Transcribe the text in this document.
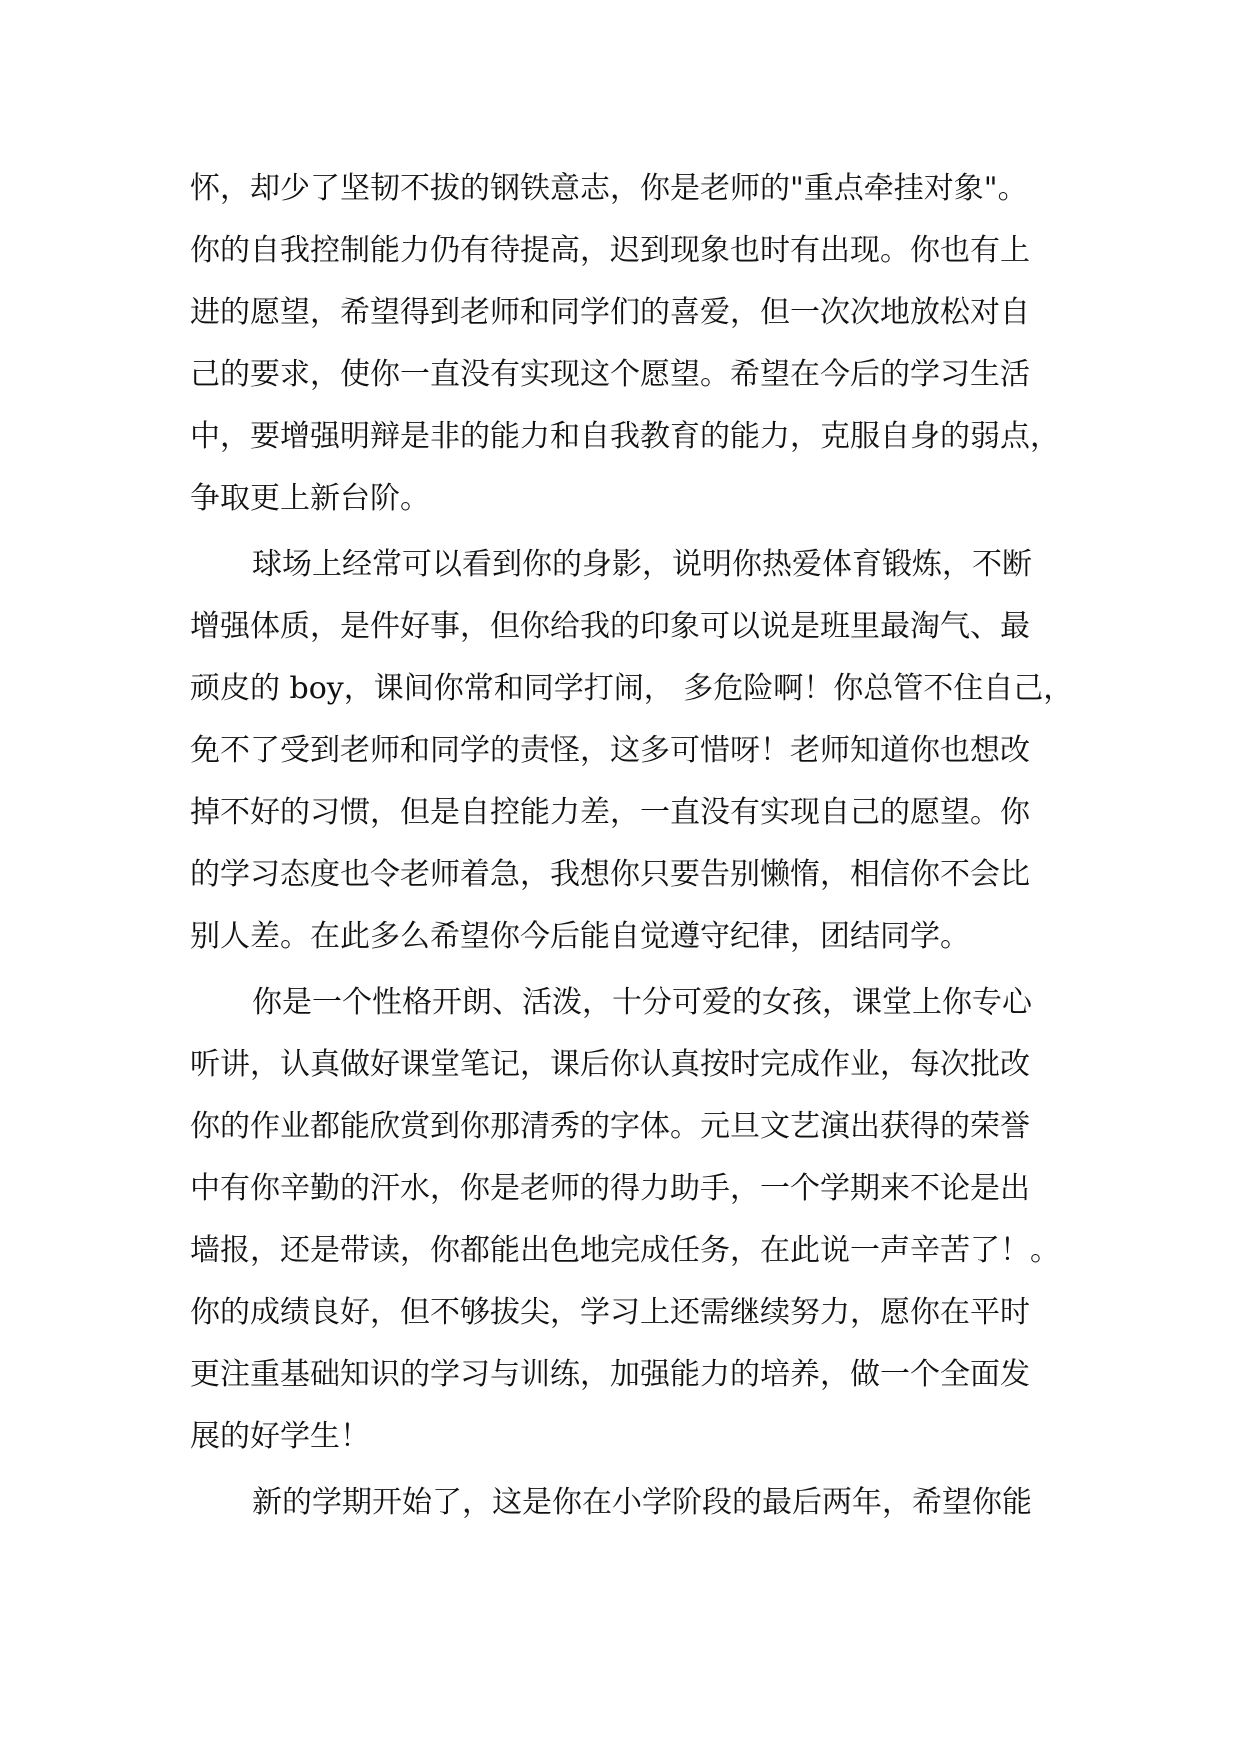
怀，却少了坚韧不拔的钢铁意志，你是老师的"重点牵挂对象"。
你的自我控制能力仍有待提高，迟到现象也时有出现。你也有上
进的愿望，希望得到老师和同学们的喜爱，但一次次地放松对自
己的要求，使你一直没有实现这个愿望。希望在今后的学习生活
中，要增强明辩是非的能力和自我教育的能力，克服自身的弱点，
争取更上新台阶。
球场上经常可以看到你的身影，说明你热爱体育锻炼，不断
增强体质，是件好事，但你给我的印象可以说是班里最淘气、最
顽皮的 boy，课间你常和同学打闹， 多危险啊！你总管不住自己，
免不了受到老师和同学的责怪，这多可惜呀！老师知道你也想改
掉不好的习惯，但是自控能力差，一直没有实现自己的愿望。你
的学习态度也令老师着急，我想你只要告别懒惰，相信你不会比
别人差。在此多么希望你今后能自觉遵守纪律，团结同学。
你是一个性格开朗、活泼，十分可爱的女孩，课堂上你专心
听讲，认真做好课堂笔记，课后你认真按时完成作业，每次批改
你的作业都能欣赏到你那清秀的字体。元旦文艺演出获得的荣誉
中有你辛勤的汗水，你是老师的得力助手，一个学期来不论是出
墙报，还是带读，你都能出色地完成任务，在此说一声辛苦了！。
你的成绩良好，但不够拔尖，学习上还需继续努力，愿你在平时
更注重基础知识的学习与训练，加强能力的培养，做一个全面发
展的好学生！
新的学期开始了，这是你在小学阶段的最后两年，希望你能
